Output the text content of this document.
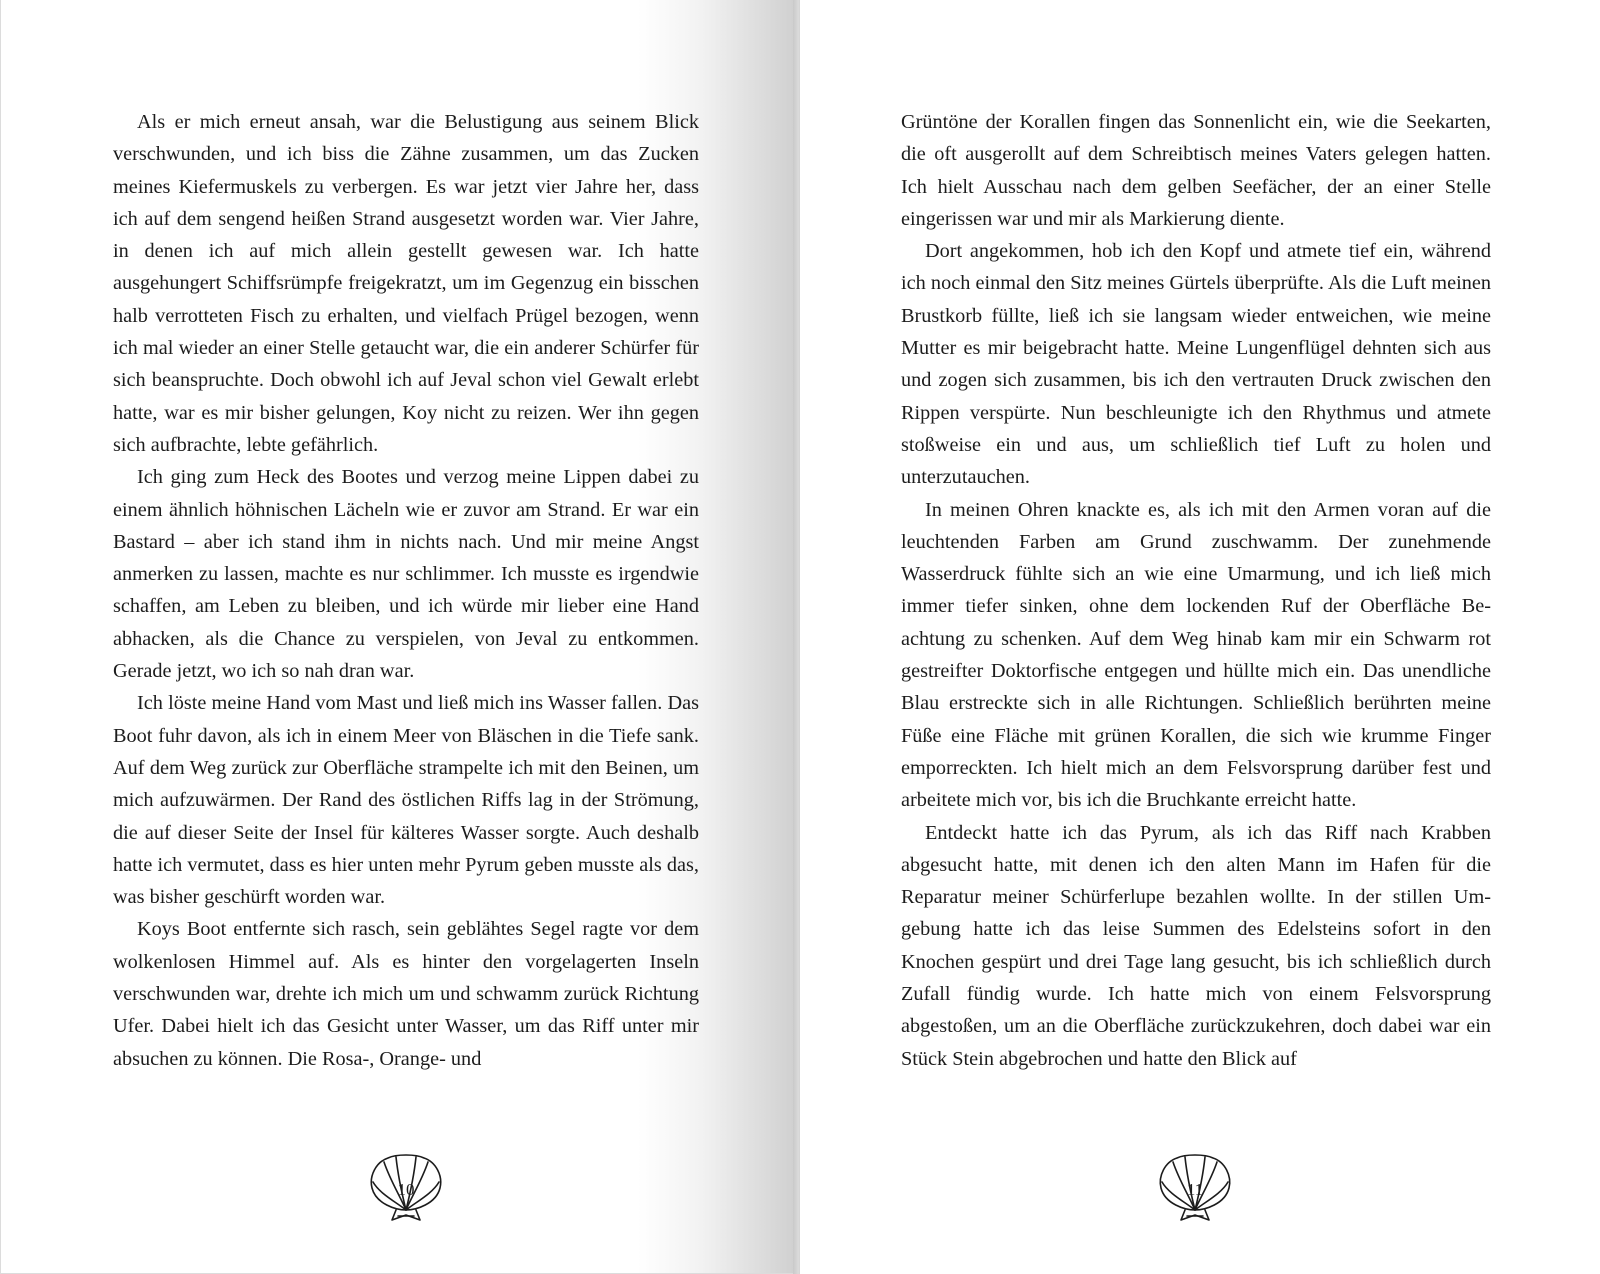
Als er mich erneut ansah, war die Belustigung aus seinem Blick verschwunden, und ich biss die Zähne zusammen, um das Zucken meines Kiefermuskels zu verbergen. Es war jetzt vier Jahre her, dass ich auf dem sengend heißen Strand ausgesetzt worden war. Vier Jahre, in denen ich auf mich allein gestellt gewesen war. Ich hatte ausgehungert Schiffsrümpfe freigekratzt, um im Gegenzug ein bisschen halb verrotteten Fisch zu erhalten, und vielfach Prügel bezogen, wenn ich mal wieder an einer Stelle getaucht war, die ein anderer Schürfer für sich beanspruchte. Doch obwohl ich auf Jeval schon viel Gewalt erlebt hatte, war es mir bisher gelungen, Koy nicht zu reizen. Wer ihn gegen sich aufbrachte, lebte gefährlich.

Ich ging zum Heck des Bootes und verzog meine Lippen dabei zu einem ähnlich höhnischen Lächeln wie er zuvor am Strand. Er war ein Bastard – aber ich stand ihm in nichts nach. Und mir meine Angst anmerken zu lassen, machte es nur schlimmer. Ich musste es irgendwie schaffen, am Leben zu bleiben, und ich würde mir lieber eine Hand abhacken, als die Chance zu verspielen, von Jeval zu entkommen. Gerade jetzt, wo ich so nah dran war.

Ich löste meine Hand vom Mast und ließ mich ins Wasser fallen. Das Boot fuhr davon, als ich in einem Meer von Bläschen in die Tiefe sank. Auf dem Weg zurück zur Oberfläche strampelte ich mit den Beinen, um mich aufzuwärmen. Der Rand des östlichen Riffs lag in der Strömung, die auf dieser Seite der Insel für kälteres Wasser sorgte. Auch deshalb hatte ich vermutet, dass es hier unten mehr Pyrum geben musste als das, was bisher geschürft worden war.

Koys Boot entfernte sich rasch, sein geblähtes Segel ragte vor dem wolkenlosen Himmel auf. Als es hinter den vorgelagerten Inseln verschwunden war, drehte ich mich um und schwamm zurück Richtung Ufer. Dabei hielt ich das Gesicht unter Wasser, um das Riff unter mir absuchen zu können. Die Rosa-, Orange- und

10

Grüntöne der Korallen fingen das Sonnenlicht ein, wie die Seekarten, die oft ausgerollt auf dem Schreibtisch meines Vaters gelegen hatten. Ich hielt Ausschau nach dem gelben Seefächer, der an einer Stelle eingerissen war und mir als Markierung diente.

Dort angekommen, hob ich den Kopf und atmete tief ein, während ich noch einmal den Sitz meines Gürtels überprüfte. Als die Luft meinen Brustkorb füllte, ließ ich sie langsam wieder entweichen, wie meine Mutter es mir beigebracht hatte. Meine Lungenflügel dehnten sich aus und zogen sich zusammen, bis ich den vertrauten Druck zwischen den Rippen verspürte. Nun beschleunigte ich den Rhythmus und atmete stoßweise ein und aus, um schließlich tief Luft zu holen und unterzutauchen.

In meinen Ohren knackte es, als ich mit den Armen voran auf die leuchtenden Farben am Grund zuschwamm. Der zunehmende Wasserdruck fühlte sich an wie eine Umarmung, und ich ließ mich immer tiefer sinken, ohne dem lockenden Ruf der Oberfläche Beachtung zu schenken. Auf dem Weg hinab kam mir ein Schwarm rot gestreifter Doktorfische entgegen und hüllte mich ein. Das unendliche Blau erstreckte sich in alle Richtungen. Schließlich berührten meine Füße eine Fläche mit grünen Korallen, die sich wie krumme Finger emporreckten. Ich hielt mich an dem Felsvorsprung darüber fest und arbeitete mich vor, bis ich die Bruchkante erreicht hatte.

Entdeckt hatte ich das Pyrum, als ich das Riff nach Krabben abgesucht hatte, mit denen ich den alten Mann im Hafen für die Reparatur meiner Schürferlupe bezahlen wollte. In der stillen Umgebung hatte ich das leise Summen des Edelsteins sofort in den Knochen gespürt und drei Tage lang gesucht, bis ich schließlich durch Zufall fündig wurde. Ich hatte mich von einem Felsvorsprung abgestoßen, um an die Oberfläche zurückzukehren, doch dabei war ein Stück Stein abgebrochen und hatte den Blick auf

11
